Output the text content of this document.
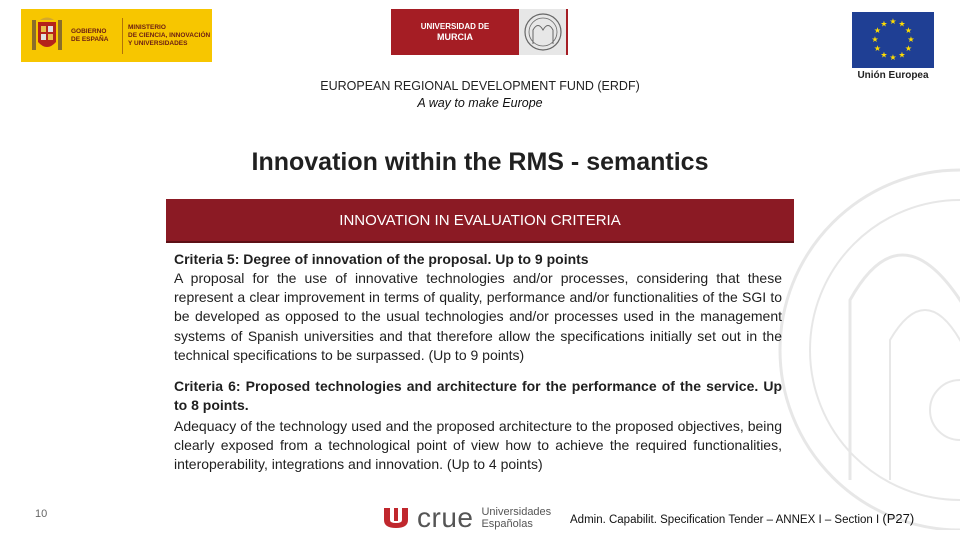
GOBIERNO
DE ESPAÑA
MINISTERIO
DE CIENCIA, INNOVACIÓN
Y UNIVERSIDADES
UNIVERSIDAD DE
MURCIA
★ ★
★
★
★
★
★
★
★
★
★
★
Unión Europea
EUROPEAN REGIONAL DEVELOPMENT FUND (ERDF)
A way to make Europe
Innovation within the RMS - semantics
INNOVATION IN EVALUATION CRITERIA
Criteria 5: Degree of innovation of the proposal. Up to 9 points
A proposal for the use of innovative technologies and/or processes, considering that these represent a clear improvement in terms of quality, performance and/or functionalities of the SGI to be developed as opposed to the usual technologies and/or processes used in the management systems of Spanish universities and that therefore allow the specifications initially set out in the technical specifications to be surpassed. (Up to 9 points)
Criteria 6: Proposed technologies and architecture for the performance of the service. Up to 8 points.
Adequacy of the technology used and the proposed architecture to the proposed objectives, being clearly exposed from a technological point of view how to achieve the required functionalities, interoperability, integrations and innovation. (Up to 4 points)
10	crue Universidades
Españolas	Admin. Capabilit. Specification Tender – ANNEX I – Section I (P27)
